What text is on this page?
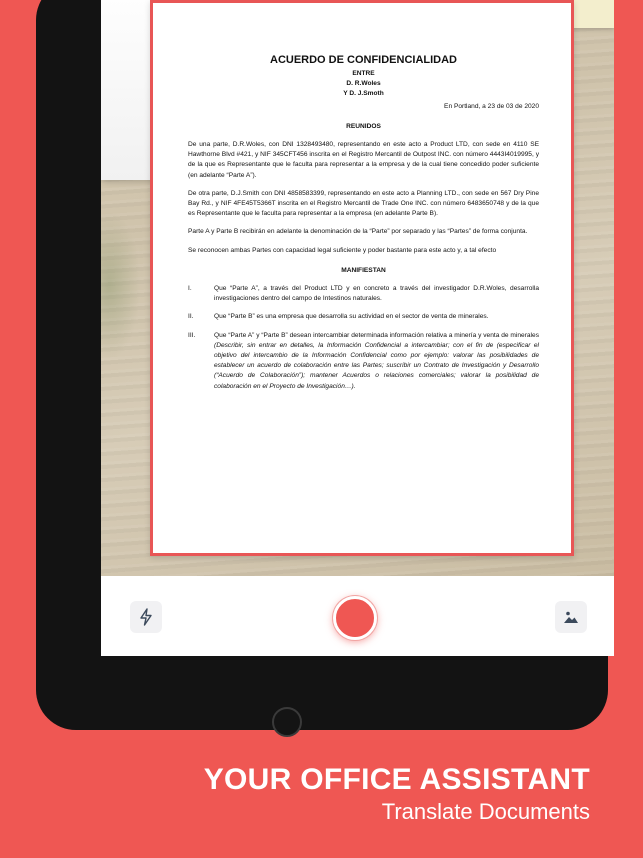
ACUERDO DE CONFIDENCIALIDAD
ENTRE
D. R.Woles
Y D. J.Smoth
En Portland, a 23 de 03 de 2020
REUNIDOS

De una parte, D.R.Woles, con DNI 1328493480, representando en este acto a Product LTD, con sede en 4110 SE Hawthorne Blvd #421, y NIF 345CFT456 inscrita en el Registro Mercantil de Outpost INC. con número 4443I4019995, y de la que es Representante que le faculta para representar a la empresa y de la cual tiene concedido poder suficiente (en adelante “Parte A”).

De otra parte, D.J.Smith con DNI 4858583399, representando en este acto a Planning LTD., con sede en 567 Dry Pine Bay Rd., y NIF 4FE45T5366T inscrita en el Registro Mercantil de Trade One INC. con número 6483650748 y de la que es Representante que le faculta para representar a la empresa (en adelante Parte B).

Parte A y Parte B recibirán en adelante la denominación de la “Parte” por separado y las “Partes” de forma conjunta.

Se reconocen ambas Partes con capacidad legal suficiente y poder bastante para este acto y, a tal efecto

MANIFIESTAN
I.	Que “Parte A”, a través del Product LTD y en concreto a través del investigador D.R.Woles, desarrolla investigaciones dentro del campo de Intestinos naturales.
II.	Que “Parte B” es una empresa que desarrolla su actividad en el sector de venta de minerales.
III.	Que “Parte A” y “Parte B” desean intercambiar determinada información relativa a minería y venta de minerales (Describir, sin entrar en detalles, la Información Confidencial a intercambiar; con el fin de (especificar el objetivo del intercambio de la Información Confidencial como por ejemplo: valorar las posibilidades de establecer un acuerdo de colaboración entre las Partes; suscribir un Contrato de Investigación y Desarrollo (“Acuerdo de Colaboración”); mantener Acuerdos o relaciones comerciales; valorar la posibilidad de colaboración en el Proyecto de Investigación…).
YOUR OFFICE ASSISTANT
Translate Documents
